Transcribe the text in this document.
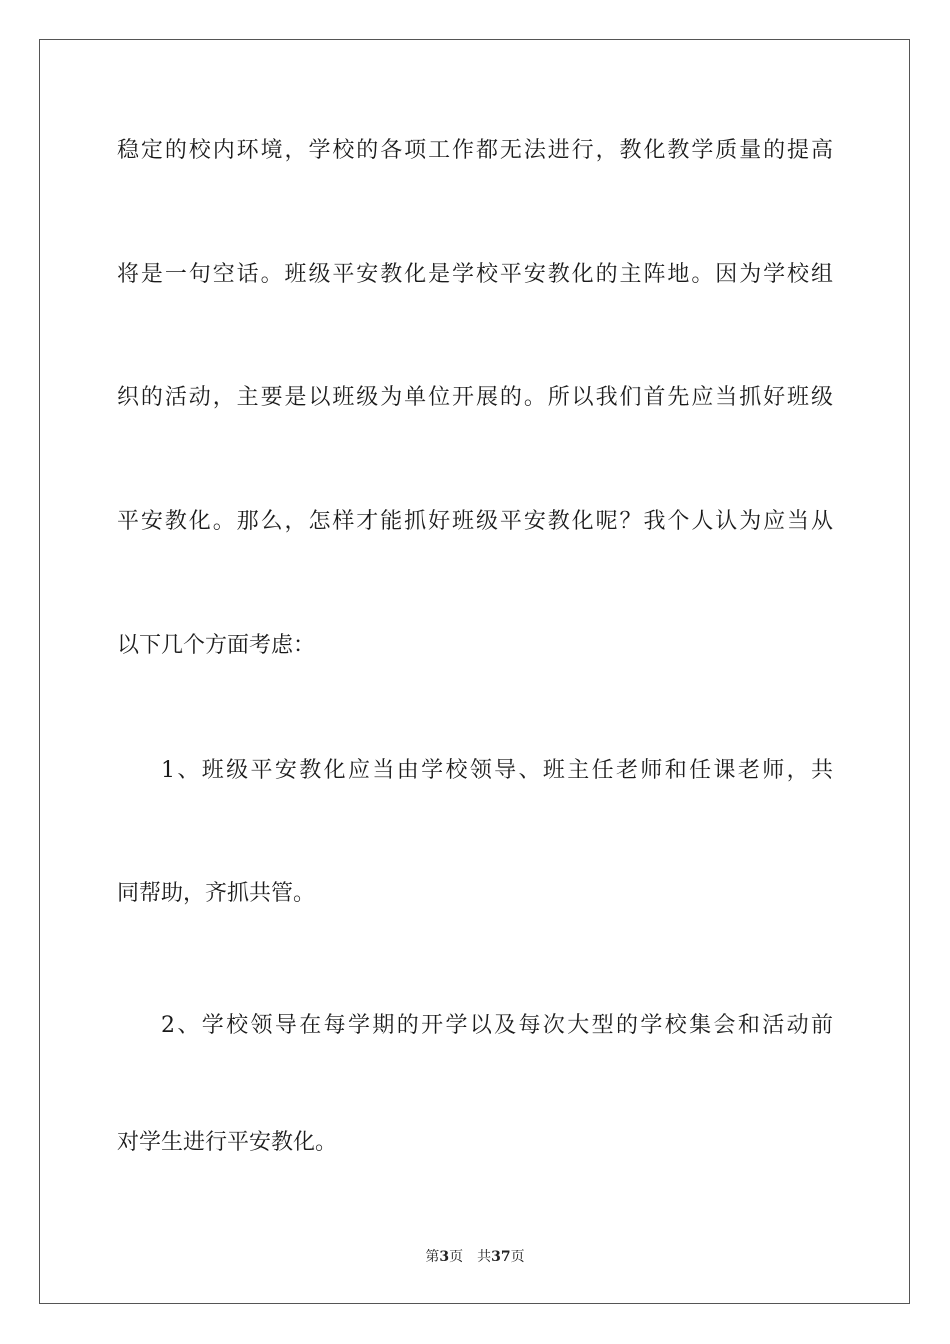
稳定的校内环境，学校的各项工作都无法进行，教化教学质量的提高
将是一句空话。班级平安教化是学校平安教化的主阵地。因为学校组
织的活动，主要是以班级为单位开展的。所以我们首先应当抓好班级
平安教化。那么，怎样才能抓好班级平安教化呢？我个人认为应当从
以下几个方面考虑：
1、班级平安教化应当由学校领导、班主任老师和任课老师，共
同帮助，齐抓共管。
2、学校领导在每学期的开学以及每次大型的学校集会和活动前
对学生进行平安教化。
第3页 共37页
